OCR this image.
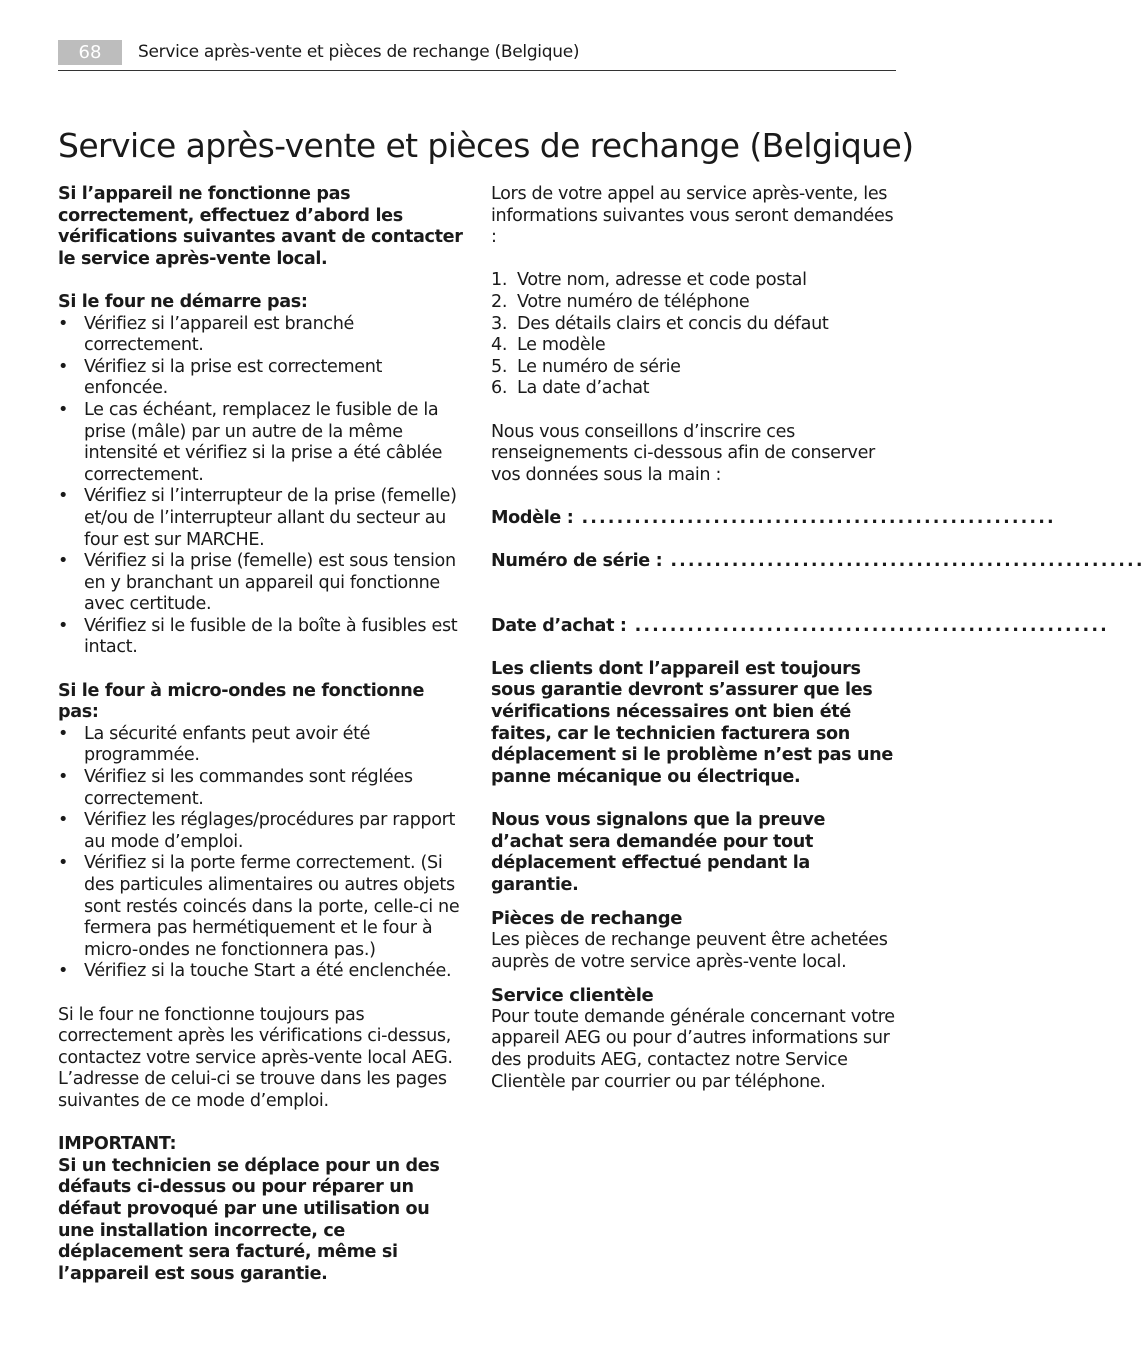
68	Service après-vente et pièces de rechange (Belgique)
Service après-vente et pièces de rechange (Belgique)

Si l’appareil ne fonctionne pas correctement, effectuez d’abord les vérifications suivantes avant de contacter le service après-vente local.

Si le four ne démarre pas:

• Vérifiez si l’appareil est branché correctement.
• Vérifiez si la prise est correctement enfoncée.
• Le cas échéant, remplacez le fusible de la prise (mâle) par un autre de la même intensité et vérifiez si la prise a été câblée correctement.
• Vérifiez si l’interrupteur de la prise (femelle) et/ou de l’interrupteur allant du secteur au four est sur MARCHE.
• Vérifiez si la prise (femelle) est sous tension en y branchant un appareil qui fonctionne avec certitude.
• Vérifiez si le fusible de la boîte à fusibles est intact.

Si le four à micro-ondes ne fonctionne pas:

• La sécurité enfants peut avoir été programmée.
• Vérifiez si les commandes sont réglées correctement.
• Vérifiez les réglages/procédures par rapport au mode d’emploi.
• Vérifiez si la porte ferme correctement. (Si des particules alimentaires ou autres objets sont restés coincés dans la porte, celle-ci ne fermera pas hermétiquement et le four à micro-ondes ne fonctionnera pas.)
• Vérifiez si la touche Start a été enclenchée.

Si le four ne fonctionne toujours pas correctement après les vérifications ci-dessus, contactez votre service après-vente local AEG. L’adresse de celui-ci se trouve dans les pages suivantes de ce mode d’emploi.

IMPORTANT:

Si un technicien se déplace pour un des défauts ci-dessus ou pour réparer un défaut provoqué par une utilisation ou une installation incorrecte, ce déplacement sera facturé, même si l’appareil est sous garantie.

Lors de votre appel au service après-vente, les informations suivantes vous seront demandées :

1. Votre nom, adresse et code postal
2. Votre numéro de téléphone
3. Des détails clairs et concis du défaut
4. Le modèle
5. Le numéro de série
6. La date d’achat

Nous vous conseillons d’inscrire ces renseignements ci-dessous afin de conserver vos données sous la main :

Modèle : ......................................................
Numéro de série : ......................................................
Date d’achat : ......................................................

Les clients dont l’appareil est toujours sous garantie devront s’assurer que les vérifications nécessaires ont bien été faites, car le technicien facturera son déplacement si le problème n’est pas une panne mécanique ou électrique.

Nous vous signalons que la preuve d’achat sera demandée pour tout déplacement effectué pendant la garantie.

Pièces de rechange

Les pièces de rechange peuvent être achetées auprès de votre service après-vente local.

Service clientèle

Pour toute demande générale concernant votre appareil AEG ou pour d’autres informations sur des produits AEG, contactez notre Service Clientèle par courrier ou par téléphone.
